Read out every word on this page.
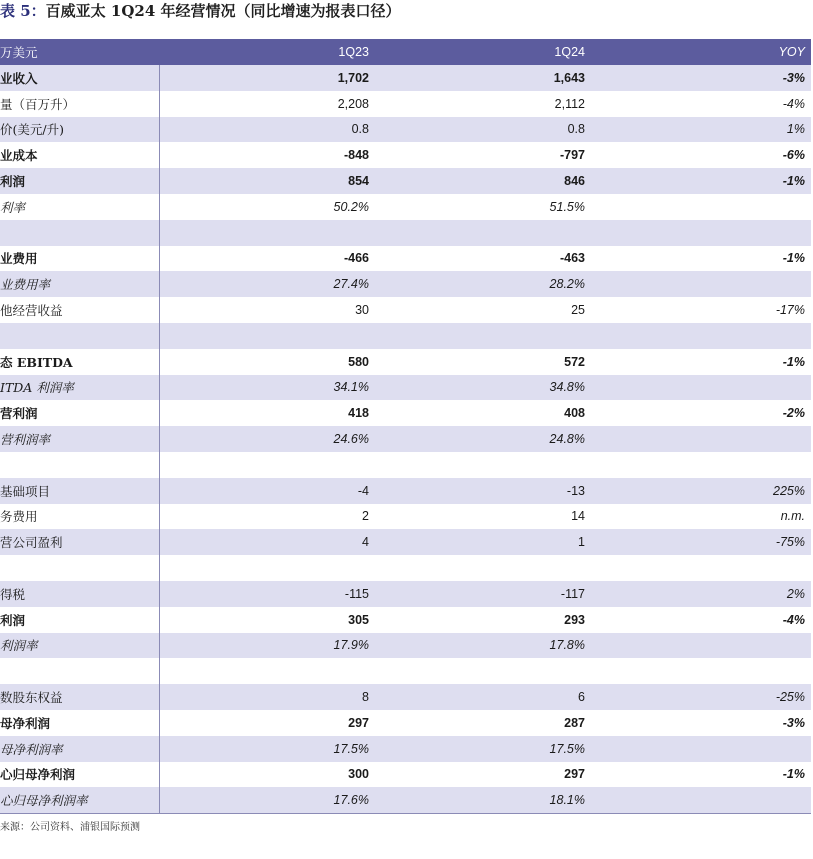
表 5：百威亚太 1Q24 年经营情况（同比增速为报表口径）
万美元	1Q23	1Q24	YOY
业收入	1,702	1,643	-3%
量（百万升）	2,208	2,112	-4%
价(美元/升)	0.8	0.8	1%
业成本	-848	-797	-6%
利润	854	846	-1%
利率	50.2%	51.5%	

业费用	-466	-463	-1%
业费用率	27.4%	28.2%	
他经营收益	30	25	-17%

态 EBITDA	580	572	-1%
ITDA 利润率	34.1%	34.8%	
营利润	418	408	-2%
营利润率	24.6%	24.8%	

基础项目	-4	-13	225%
务费用	2	14	n.m.
营公司盈利	4	1	-75%

得税	-115	-117	2%
利润	305	293	-4%
利润率	17.9%	17.8%	

数股东权益	8	6	-25%
母净利润	297	287	-3%
母净利润率	17.5%	17.5%	
心归母净利润	300	297	-1%
心归母净利润率	17.6%	18.1%	
来源：公司资料、浦银国际预测
